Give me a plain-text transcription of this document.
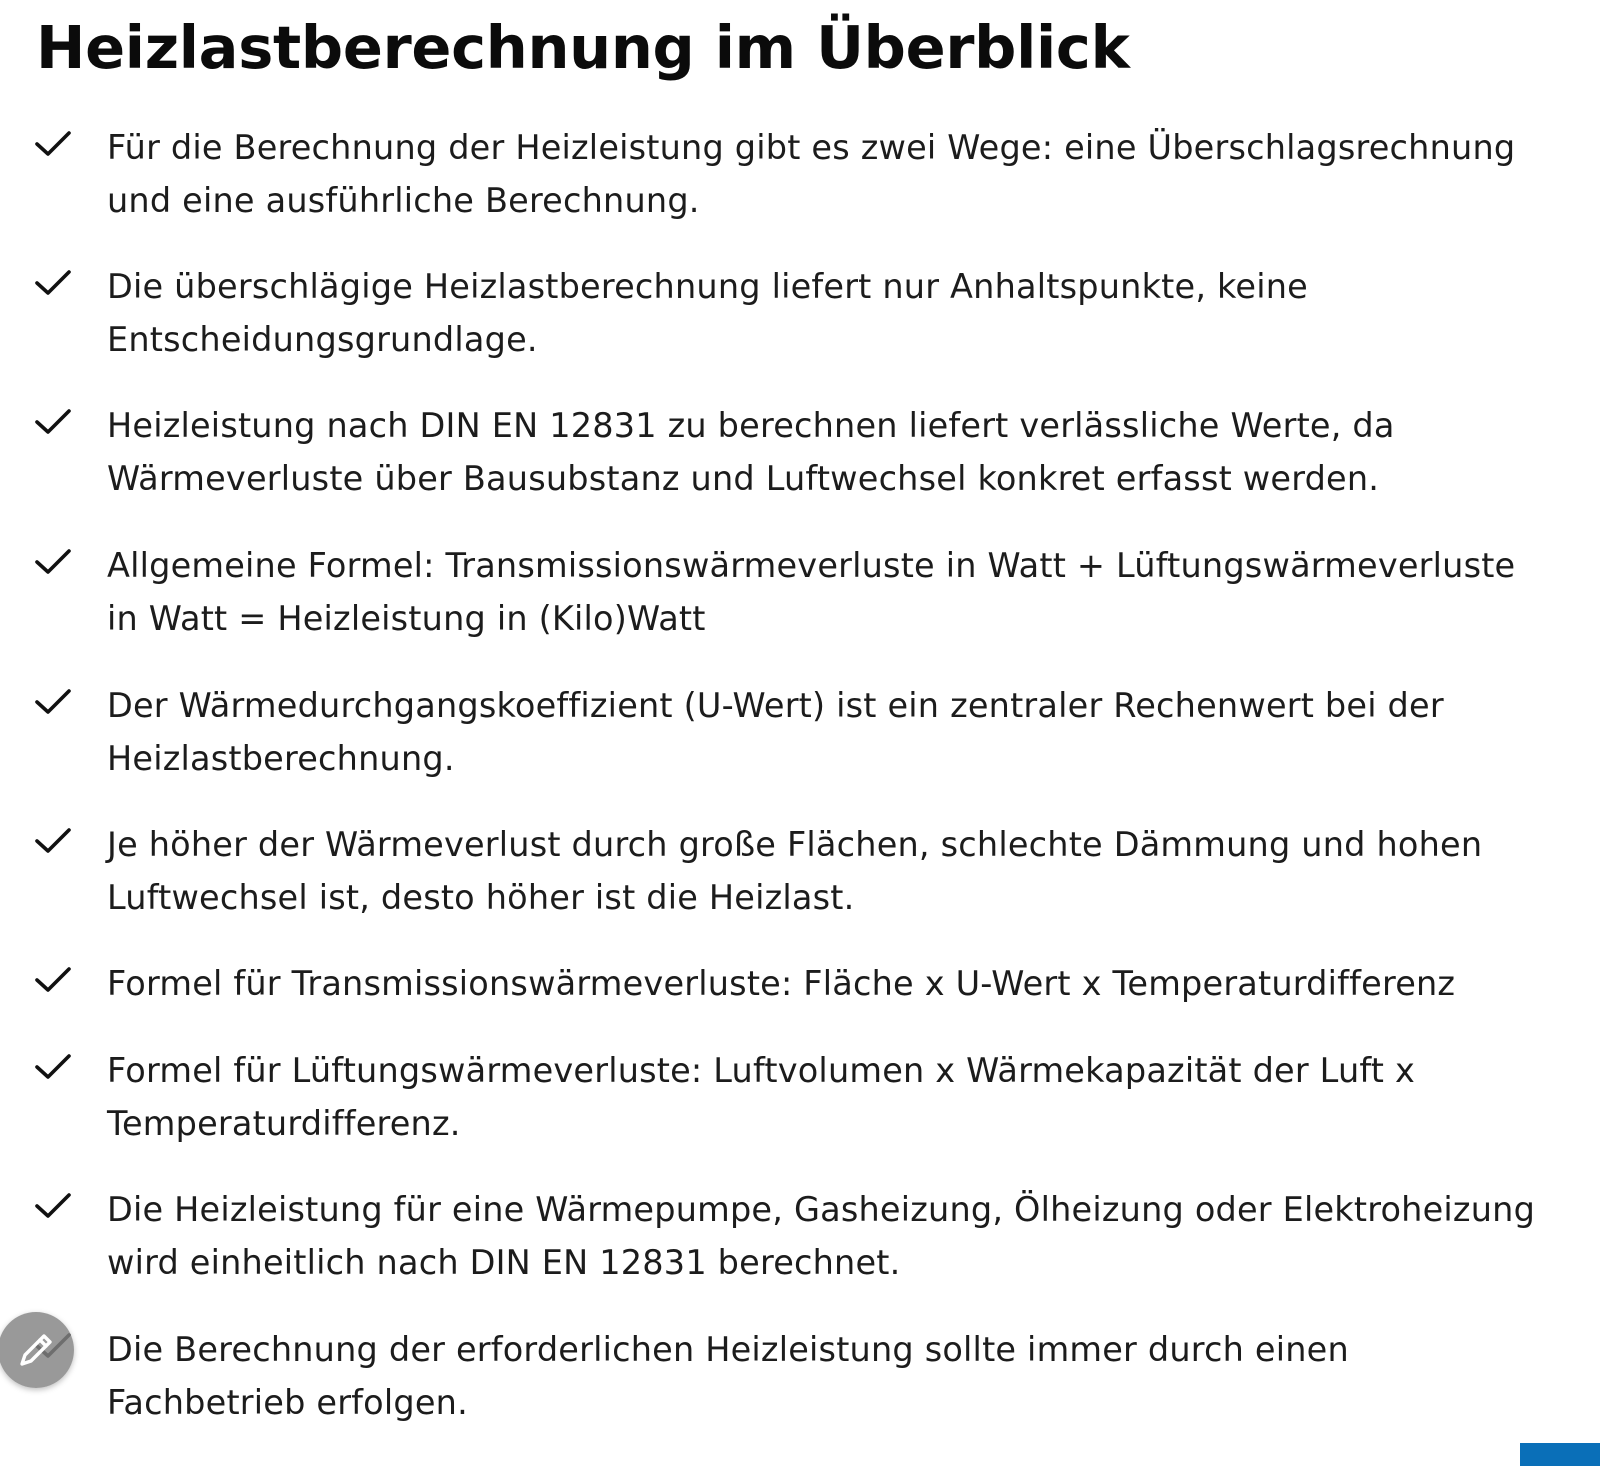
Heizlastberechnung im Überblick
Für die Berechnung der Heizleistung gibt es zwei Wege: eine Überschlagsrechnung
und eine ausführliche Berechnung.
Die überschlägige Heizlastberechnung liefert nur Anhaltspunkte, keine
Entscheidungsgrundlage.
Heizleistung nach DIN EN 12831 zu berechnen liefert verlässliche Werte, da
Wärmeverluste über Bausubstanz und Luftwechsel konkret erfasst werden.
Allgemeine Formel: Transmissionswärmeverluste in Watt + Lüftungswärmeverluste
in Watt = Heizleistung in (Kilo)Watt
Der Wärmedurchgangskoeffizient (U-Wert) ist ein zentraler Rechenwert bei der
Heizlastberechnung.
Je höher der Wärmeverlust durch große Flächen, schlechte Dämmung und hohen
Luftwechsel ist, desto höher ist die Heizlast.
Formel für Transmissionswärmeverluste: Fläche x U-Wert x Temperaturdifferenz
Formel für Lüftungswärmeverluste: Luftvolumen x Wärmekapazität der Luft x
Temperaturdifferenz.
Die Heizleistung für eine Wärmepumpe, Gasheizung, Ölheizung oder Elektroheizung
wird einheitlich nach DIN EN 12831 berechnet.
Die Berechnung der erforderlichen Heizleistung sollte immer durch einen
Fachbetrieb erfolgen.
